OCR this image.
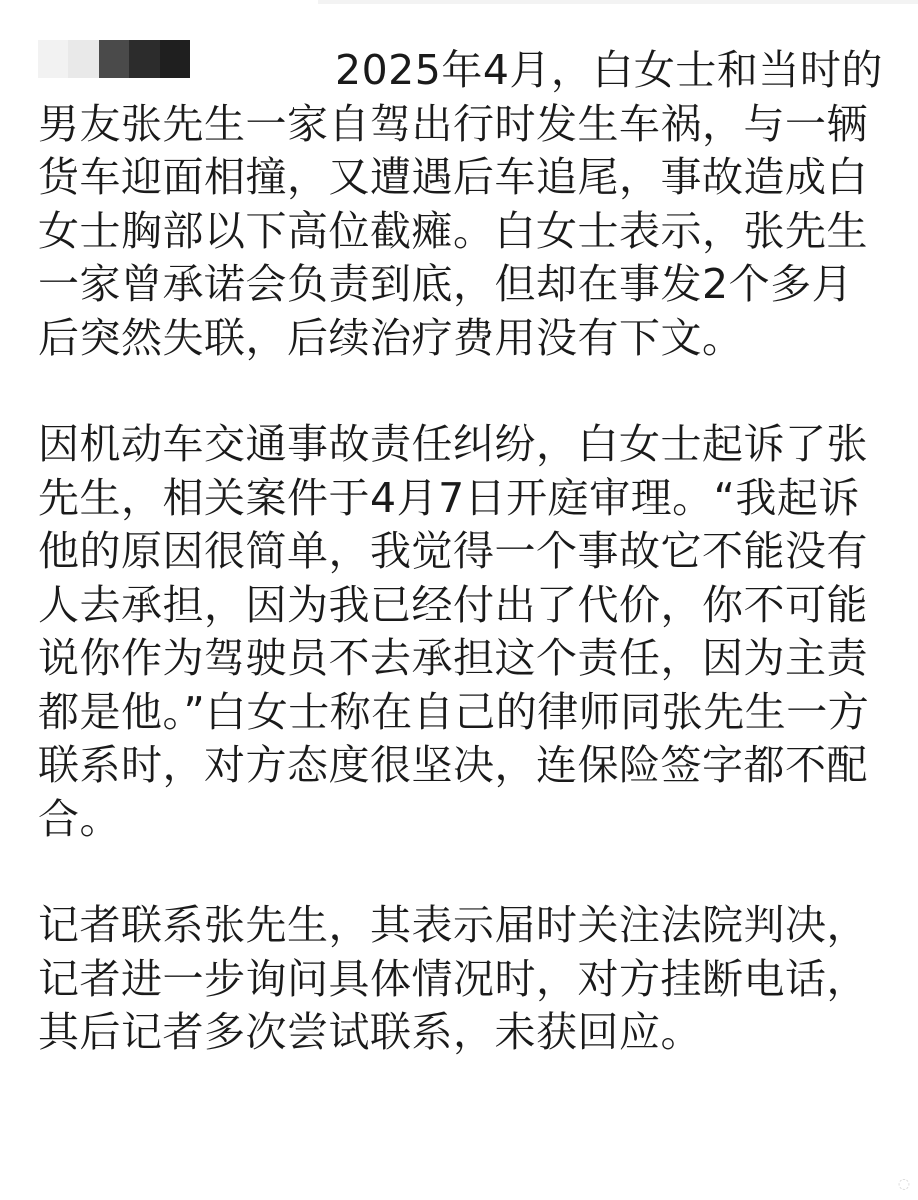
2025年4月，白女士和当时的男友张先生一家自驾出行时发生车祸，与一辆货车迎面相撞，又遭遇后车追尾，事故造成白女士胸部以下高位截瘫。白女士表示，张先生一家曾承诺会负责到底，但却在事发2个多月后突然失联，后续治疗费用没有下文。

因机动车交通事故责任纠纷，白女士起诉了张先生，相关案件于4月7日开庭审理。“我起诉他的原因很简单，我觉得一个事故它不能没有人去承担，因为我已经付出了代价，你不可能说你作为驾驶员不去承担这个责任，因为主责都是他。”白女士称在自己的律师同张先生一方联系时，对方态度很坚决，连保险签字都不配合。

记者联系张先生，其表示届时关注法院判决，记者进一步询问具体情况时，对方挂断电话，其后记者多次尝试联系，未获回应。

◌
